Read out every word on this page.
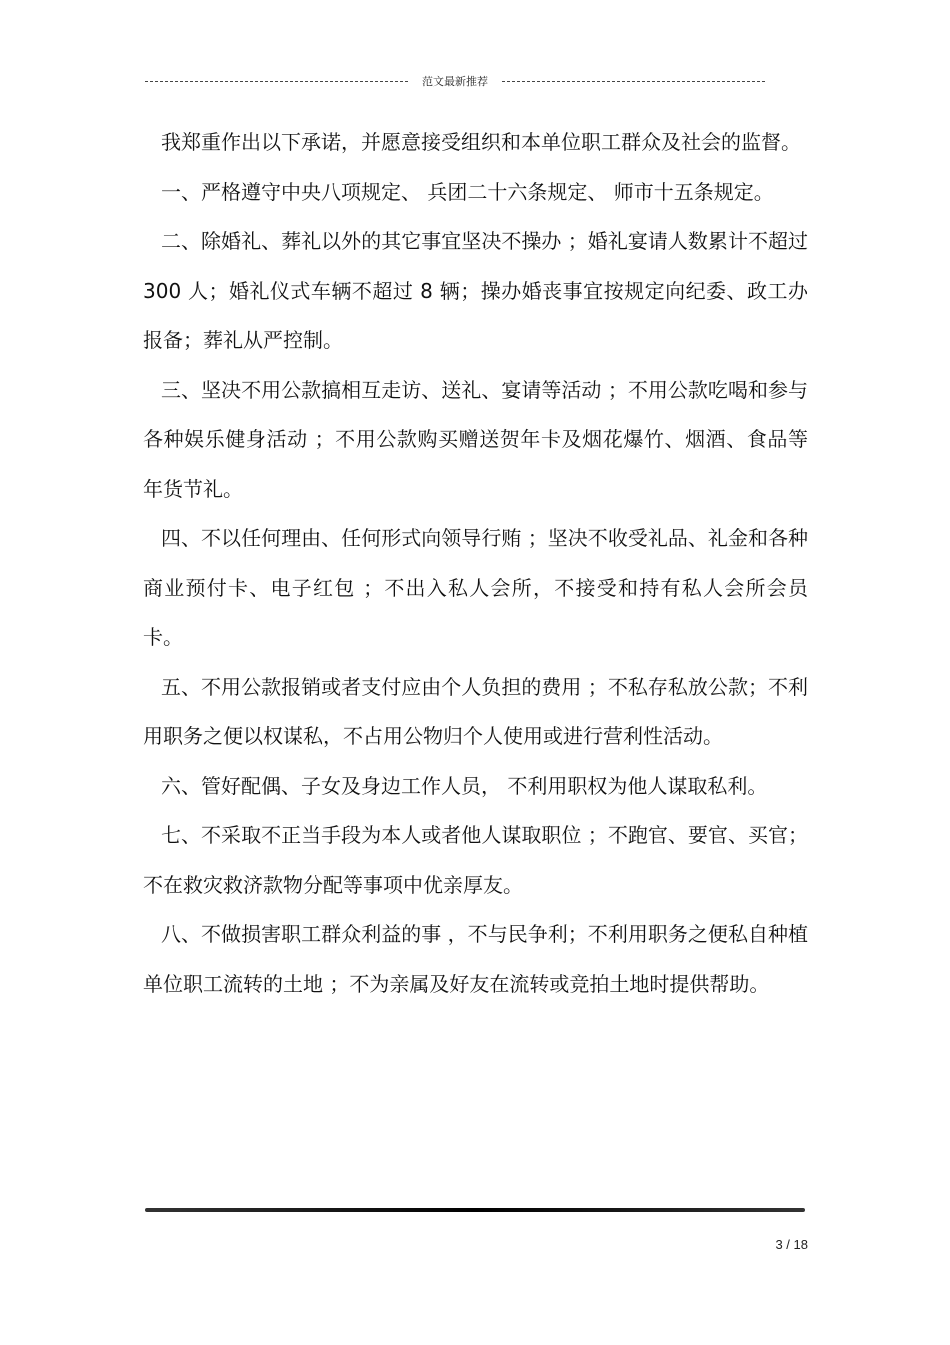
范文最新推荐

我郑重作出以下承诺，并愿意接受组织和本单位职工群众及社会的监督。

一、严格遵守中央八项规定、 兵团二十六条规定、 师市十五条规定。

二、除婚礼、葬礼以外的其它事宜坚决不操办 ；婚礼宴请人数累计不超过 300 人；婚礼仪式车辆不超过 8 辆；操办婚丧事宜按规定向纪委、政工办报备；葬礼从严控制。

三、坚决不用公款搞相互走访、送礼、宴请等活动 ；不用公款吃喝和参与各种娱乐健身活动 ；不用公款购买赠送贺年卡及烟花爆竹、烟酒、食品等年货节礼。

四、不以任何理由、任何形式向领导行贿 ；坚决不收受礼品、礼金和各种商业预付卡、电子红包 ；不出入私人会所，不接受和持有私人会所会员卡。

五、不用公款报销或者支付应由个人负担的费用 ；不私存私放公款；不利用职务之便以权谋私，不占用公物归个人使用或进行营利性活动。

六、管好配偶、子女及身边工作人员， 不利用职权为他人谋取私利。

七、不采取不正当手段为本人或者他人谋取职位 ；不跑官、要官、买官；不在救灾救济款物分配等事项中优亲厚友。

八、不做损害职工群众利益的事 ，不与民争利；不利用职务之便私自种植单位职工流转的土地 ；不为亲属及好友在流转或竞拍土地时提供帮助。

3 / 18
